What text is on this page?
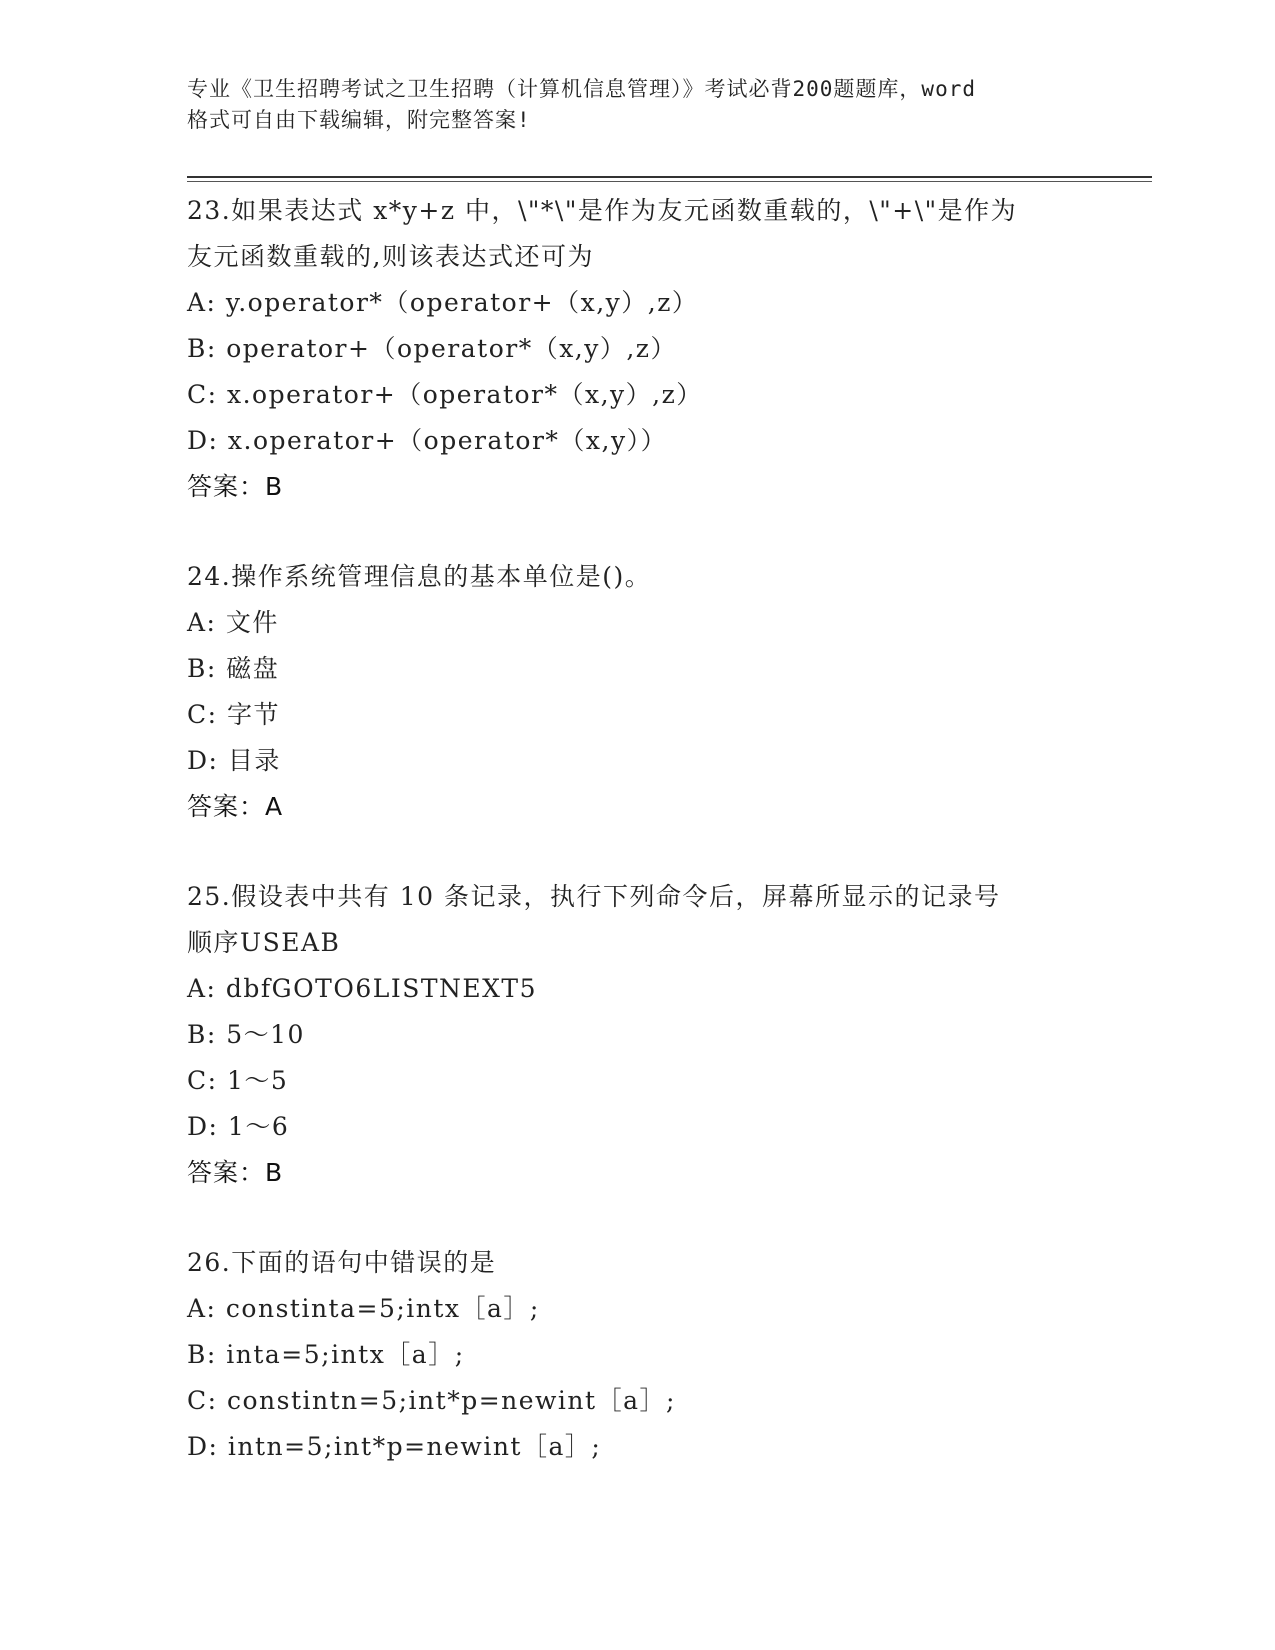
专业《卫生招聘考试之卫生招聘（计算机信息管理）》考试必背200题题库，word
格式可自由下载编辑，附完整答案!
23.如果表达式 x*y+z 中，\"*\"是作为友元函数重载的，\"+\"是作为
友元函数重载的,则该表达式还可为
A: y.operator*（operator+（x,y）,z）
B: operator+（operator*（x,y）,z）
C: x.operator+（operator*（x,y）,z）
D: x.operator+（operator*（x,y））
答案：B
24.操作系统管理信息的基本单位是()。
A: 文件
B: 磁盘
C: 字节
D: 目录
答案：A
25.假设表中共有 10 条记录，执行下列命令后，屏幕所显示的记录号
顺序USEAB
A: dbfGOTO6LISTNEXT5
B: 5～10
C: 1～5
D: 1～6
答案：B
26.下面的语句中错误的是
A: constinta=5;intx［a］;
B: inta=5;intx［a］;
C: constintn=5;int*p=newint［a］;
D: intn=5;int*p=newint［a］;
